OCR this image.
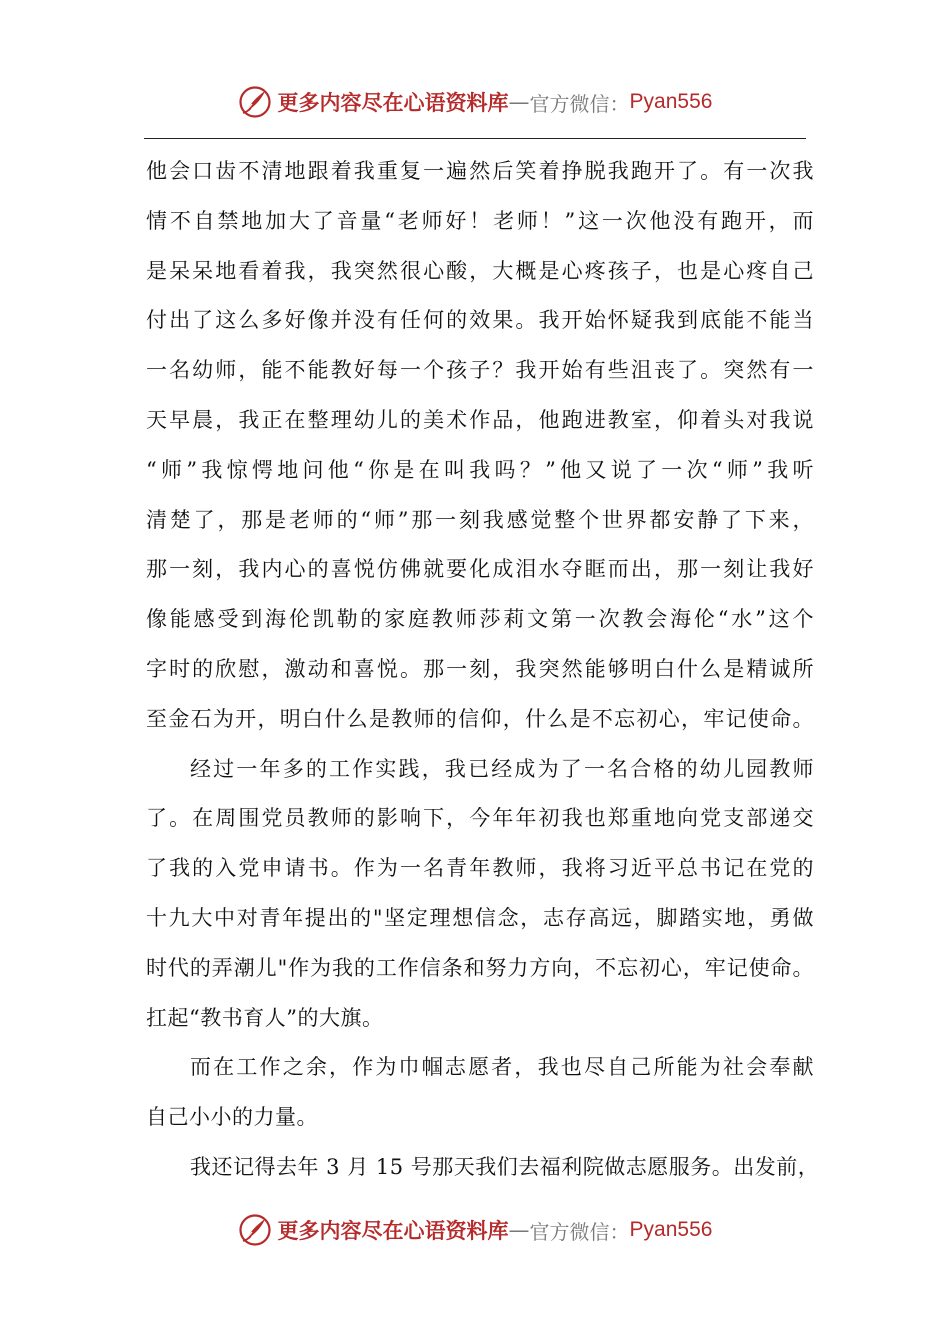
更多内容尽在心语资料库 — 官方微信： Pyan556
他会口齿不清地跟着我重复一遍然后笑着挣脱我跑开了。有一次我
情不自禁地加大了音量“老师好！老师！”这一次他没有跑开，而
是呆呆地看着我，我突然很心酸，大概是心疼孩子，也是心疼自己
付出了这么多好像并没有任何的效果。我开始怀疑我到底能不能当
一名幼师，能不能教好每一个孩子？我开始有些沮丧了。突然有一
天早晨，我正在整理幼儿的美术作品，他跑进教室，仰着头对我说
“师”我惊愕地问他“你是在叫我吗？”他又说了一次“师”我听
清楚了，那是老师的“师”那一刻我感觉整个世界都安静了下来，
那一刻，我内心的喜悦仿佛就要化成泪水夺眶而出，那一刻让我好
像能感受到海伦凯勒的家庭教师莎莉文第一次教会海伦“水”这个
字时的欣慰，激动和喜悦。那一刻，我突然能够明白什么是精诚所
至金石为开，明白什么是教师的信仰，什么是不忘初心，牢记使命。
经过一年多的工作实践，我已经成为了一名合格的幼儿园教师
了。在周围党员教师的影响下，今年年初我也郑重地向党支部递交
了我的入党申请书。作为一名青年教师，我将习近平总书记在党的
十九大中对青年提出的"坚定理想信念，志存高远，脚踏实地，勇做
时代的弄潮儿"作为我的工作信条和努力方向，不忘初心，牢记使命。
扛起“教书育人”的大旗。
而在工作之余，作为巾帼志愿者，我也尽自己所能为社会奉献
自己小小的力量。
我还记得去年 3 月 15 号那天我们去福利院做志愿服务。出发前，
更多内容尽在心语资料库 — 官方微信： Pyan556
